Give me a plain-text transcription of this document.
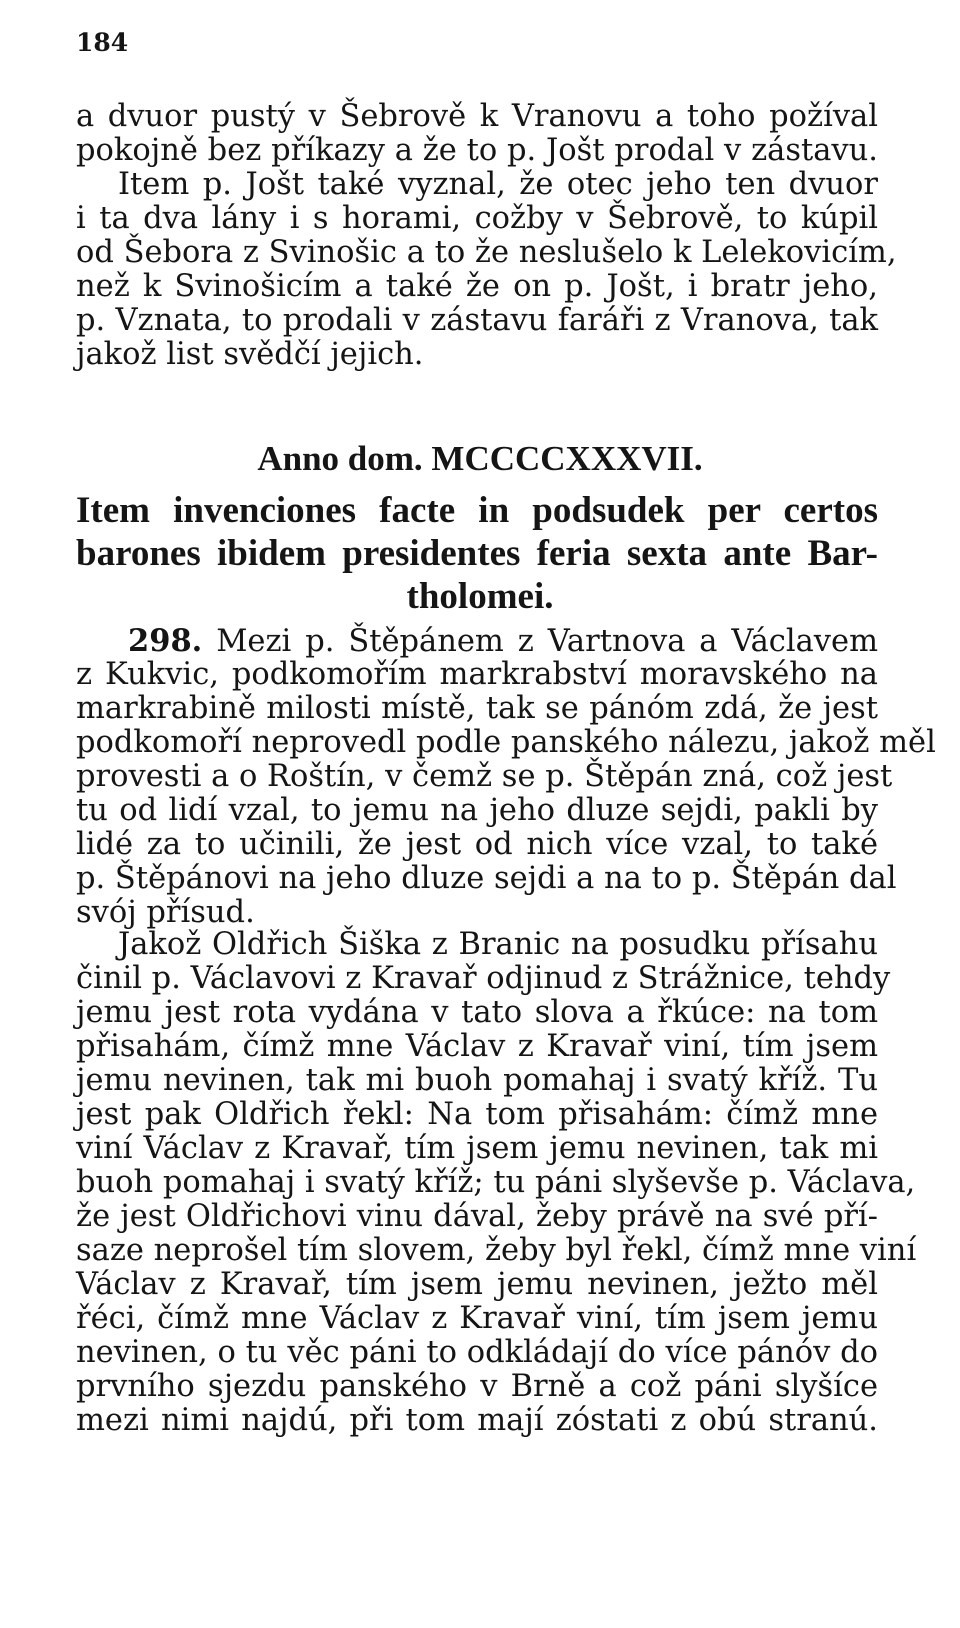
184
a dvuor pustý v Šebrově k Vranovu a toho požíval
pokojně bez příkazy a že to p. Jošt prodal v zástavu.
Item p. Jošt také vyznal, že otec jeho ten dvuor
i ta dva lány i s horami, cožby v Šebrově, to kúpil
od Šebora z Svinošic a to že neslušelo k Lelekovicím,
než k Svinošicím a také že on p. Jošt, i bratr jeho,
p. Vznata, to prodali v zástavu faráři z Vranova, tak
jakož list svědčí jejich.
Anno dom. MCCCCXXXVII.
Item invenciones facte in podsudek per certos
barones ibidem presidentes feria sexta ante Bar-
tholomei.
298. Mezi p. Štěpánem z Vartnova a Václavem
z Kukvic, podkomořím markrabství moravského na
markrabině milosti místě, tak se pánóm zdá, že jest
podkomoří neprovedl podle panského nálezu, jakož měl
provesti a o Roštín, v čemž se p. Štěpán zná, což jest
tu od lidí vzal, to jemu na jeho dluze sejdi, pakli by
lidé za to učinili, že jest od nich více vzal, to také
p. Štěpánovi na jeho dluze sejdi a na to p. Štěpán dal
svój přísud.
Jakož Oldřich Šiška z Branic na posudku přísahu
činil p. Václavovi z Kravař odjinud z Strážnice, tehdy
jemu jest rota vydána v tato slova a řkúce: na tom
přisahám, čímž mne Václav z Kravař viní, tím jsem
jemu nevinen, tak mi buoh pomahaj i svatý kříž. Tu
jest pak Oldřich řekl: Na tom přisahám: čímž mne
viní Václav z Kravař, tím jsem jemu nevinen, tak mi
buoh pomahaj i svatý kříž; tu páni slyševše p. Václava,
že jest Oldřichovi vinu dával, žeby právě na své pří-
saze neprošel tím slovem, žeby byl řekl, čímž mne viní
Václav z Kravař, tím jsem jemu nevinen, ježto měl
řéci, čímž mne Václav z Kravař viní, tím jsem jemu
nevinen, o tu věc páni to odkládají do více pánóv do
prvního sjezdu panského v Brně a což páni slyšíce
mezi nimi najdú, při tom mají zóstati z obú stranú.
